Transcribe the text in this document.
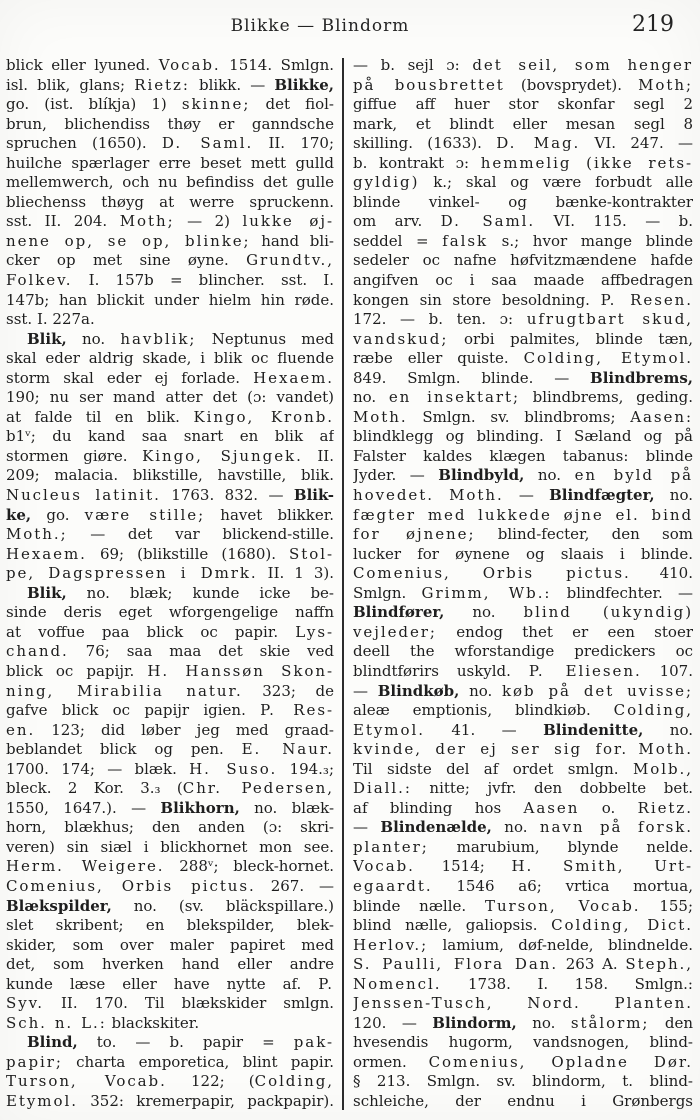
Blikke — Blindorm	219
blick eller lyuned. Vocab. 1514. Smlgn.
isl. blik, glans; Rietz: blikk. — Blikke,
go. (ist. blíkja) 1) skinne; det fiol-
brun, blichendiss thøy er ganndsche
spruchen (1650). D. Saml. II. 170;
huilche spærlager erre beset mett gulld
mellemwerch, och nu befindiss det gulle
bliechenss thøyg at werre spruckenn.
sst. II. 204. Moth; — 2) lukke øj-
nene op, se op, blinke; hand bli-
cker op met sine øyne. Grundtv.,
Folkev. I. 157b = blincher. sst. I.
147b; han blickit under hielm hin røde.
sst. I. 227a.
Blik, no. havblik; Neptunus med
skal eder aldrig skade, i blik oc fluende
storm skal eder ej forlade. Hexaem.
190; nu ser mand atter det (ɔ: vandet)
at falde til en blik. Kingo, Kronb.
b1ᵛ; du kand saa snart en blik af
stormen giøre. Kingo, Sjungek. II.
209; malacia. blikstille, havstille, blik.
Nucleus latinit. 1763. 832. — Blik-
ke, go. være stille; havet blikker.
Moth.; — det var blickend-stille.
Hexaem. 69; (blikstille (1680). Stol-
pe, Dagspressen i Dmrk. II. 1 3).
Blik, no. blæk; kunde icke be-
sinde deris eget wforgengelige naffn
at voffue paa blick oc papir. Lys-
chand. 76; saa maa det skie ved
blick oc papijr. H. Hanssøn Skon-
ning, Mirabilia natur. 323; de
gafve blick oc papijr igien. P. Res-
en. 123; did løber jeg med graad-
beblandet blick og pen. E. Naur.
1700. 174; — blæk. H. Suso. 194.₃;
bleck. 2 Kor. 3.₃ (Chr. Pedersen,
1550, 1647.). — Blikhorn, no. blæk-
horn, blækhus; den anden (ɔ: skri-
veren) sin siæl i blickhornet mon see.
Herm. Weigere. 288ᵛ; bleck-hornet.
Comenius, Orbis pictus. 267. —
Blækspilder, no. (sv. bläckspillare.)
slet skribent; en blekspilder, blek-
skider, som over maler papiret med
det, som hverken hand eller andre
kunde læse eller have nytte af. P.
Syv. II. 170. Til blækskider smlgn.
Sch. n. L.: blackskiter.
Blind, to. — b. papir = pak-
papir; charta emporetica, blint papir.
Turson, Vocab. 122; (Colding,
Etymol. 352: kremerpapir, packpapir).
— b. sejl ɔ: det seil, som henger
på bousbrettet (bovsprydet). Moth;
giffue aff huer stor skonfar segl 2
mark, et blindt eller mesan segl 8
skilling. (1633). D. Mag. VI. 247. —
b. kontrakt ɔ: hemmelig (ikke rets-
gyldig) k.; skal og være forbudt alle
blinde vinkel- og bænke-kontrakter
om arv. D. Saml. VI. 115. — b.
seddel = falsk s.; hvor mange blinde
sedeler oc nafne høfvitzmændene hafde
angifven oc i saa maade affbedragen
kongen sin store besoldning. P. Resen.
172. — b. ten. ɔ: ufrugtbart skud,
vandskud; orbi palmites, blinde tæn,
ræbe eller quiste. Colding, Etymol.
849. Smlgn. blinde. — Blindbrems,
no. en insektart; blindbrems, geding.
Moth. Smlgn. sv. blindbroms; Aasen:
blindklegg og blinding. I Sæland og på
Falster kaldes klægen tabanus: blinde
Jyder. — Blindbyld, no. en byld på
hovedet. Moth. — Blindfægter, no.
fægter med lukkede øjne el. bind
for øjnene; blind-fecter, den som
lucker for øynene og slaais i blinde.
Comenius, Orbis pictus. 410.
Smlgn. Grimm, Wb.: blindfechter. —
Blindfører, no. blind (ukyndig)
vejleder; endog thet er een stoer
deell the wforstandige predickers oc
blindtførirs uskyld. P. Eliesen. 107.
— Blindkøb, no. køb på det uvisse;
aleæ emptionis, blindkiøb. Colding,
Etymol. 41. — Blindenitte, no.
kvinde, der ej ser sig for. Moth.
Til sidste del af ordet smlgn. Molb.,
Diall.: nitte; jvfr. den dobbelte bet.
af blinding hos Aasen o. Rietz.
— Blindenælde, no. navn på forsk.
planter; marubium, blynde nelde.
Vocab. 1514; H. Smith, Urt-
egaardt. 1546 a6; vrtica mortua,
blinde nælle. Turson, Vocab. 155;
blind nælle, galiopsis. Colding, Dict.
Herlov.; lamium, døf-nelde, blindnelde.
S. Paulli, Flora Dan. 263 A. Steph.,
Nomencl. 1738. I. 158. Smlgn.:
Jenssen-Tusch, Nord. Planten.
120. — Blindorm, no. stålorm; den
hvesendis hugorm, vandsnogen, blind-
ormen. Comenius, Opladne Dør.
§ 213. Smlgn. sv. blindorm, t. blind-
schleiche, der endnu i Grønbergs
